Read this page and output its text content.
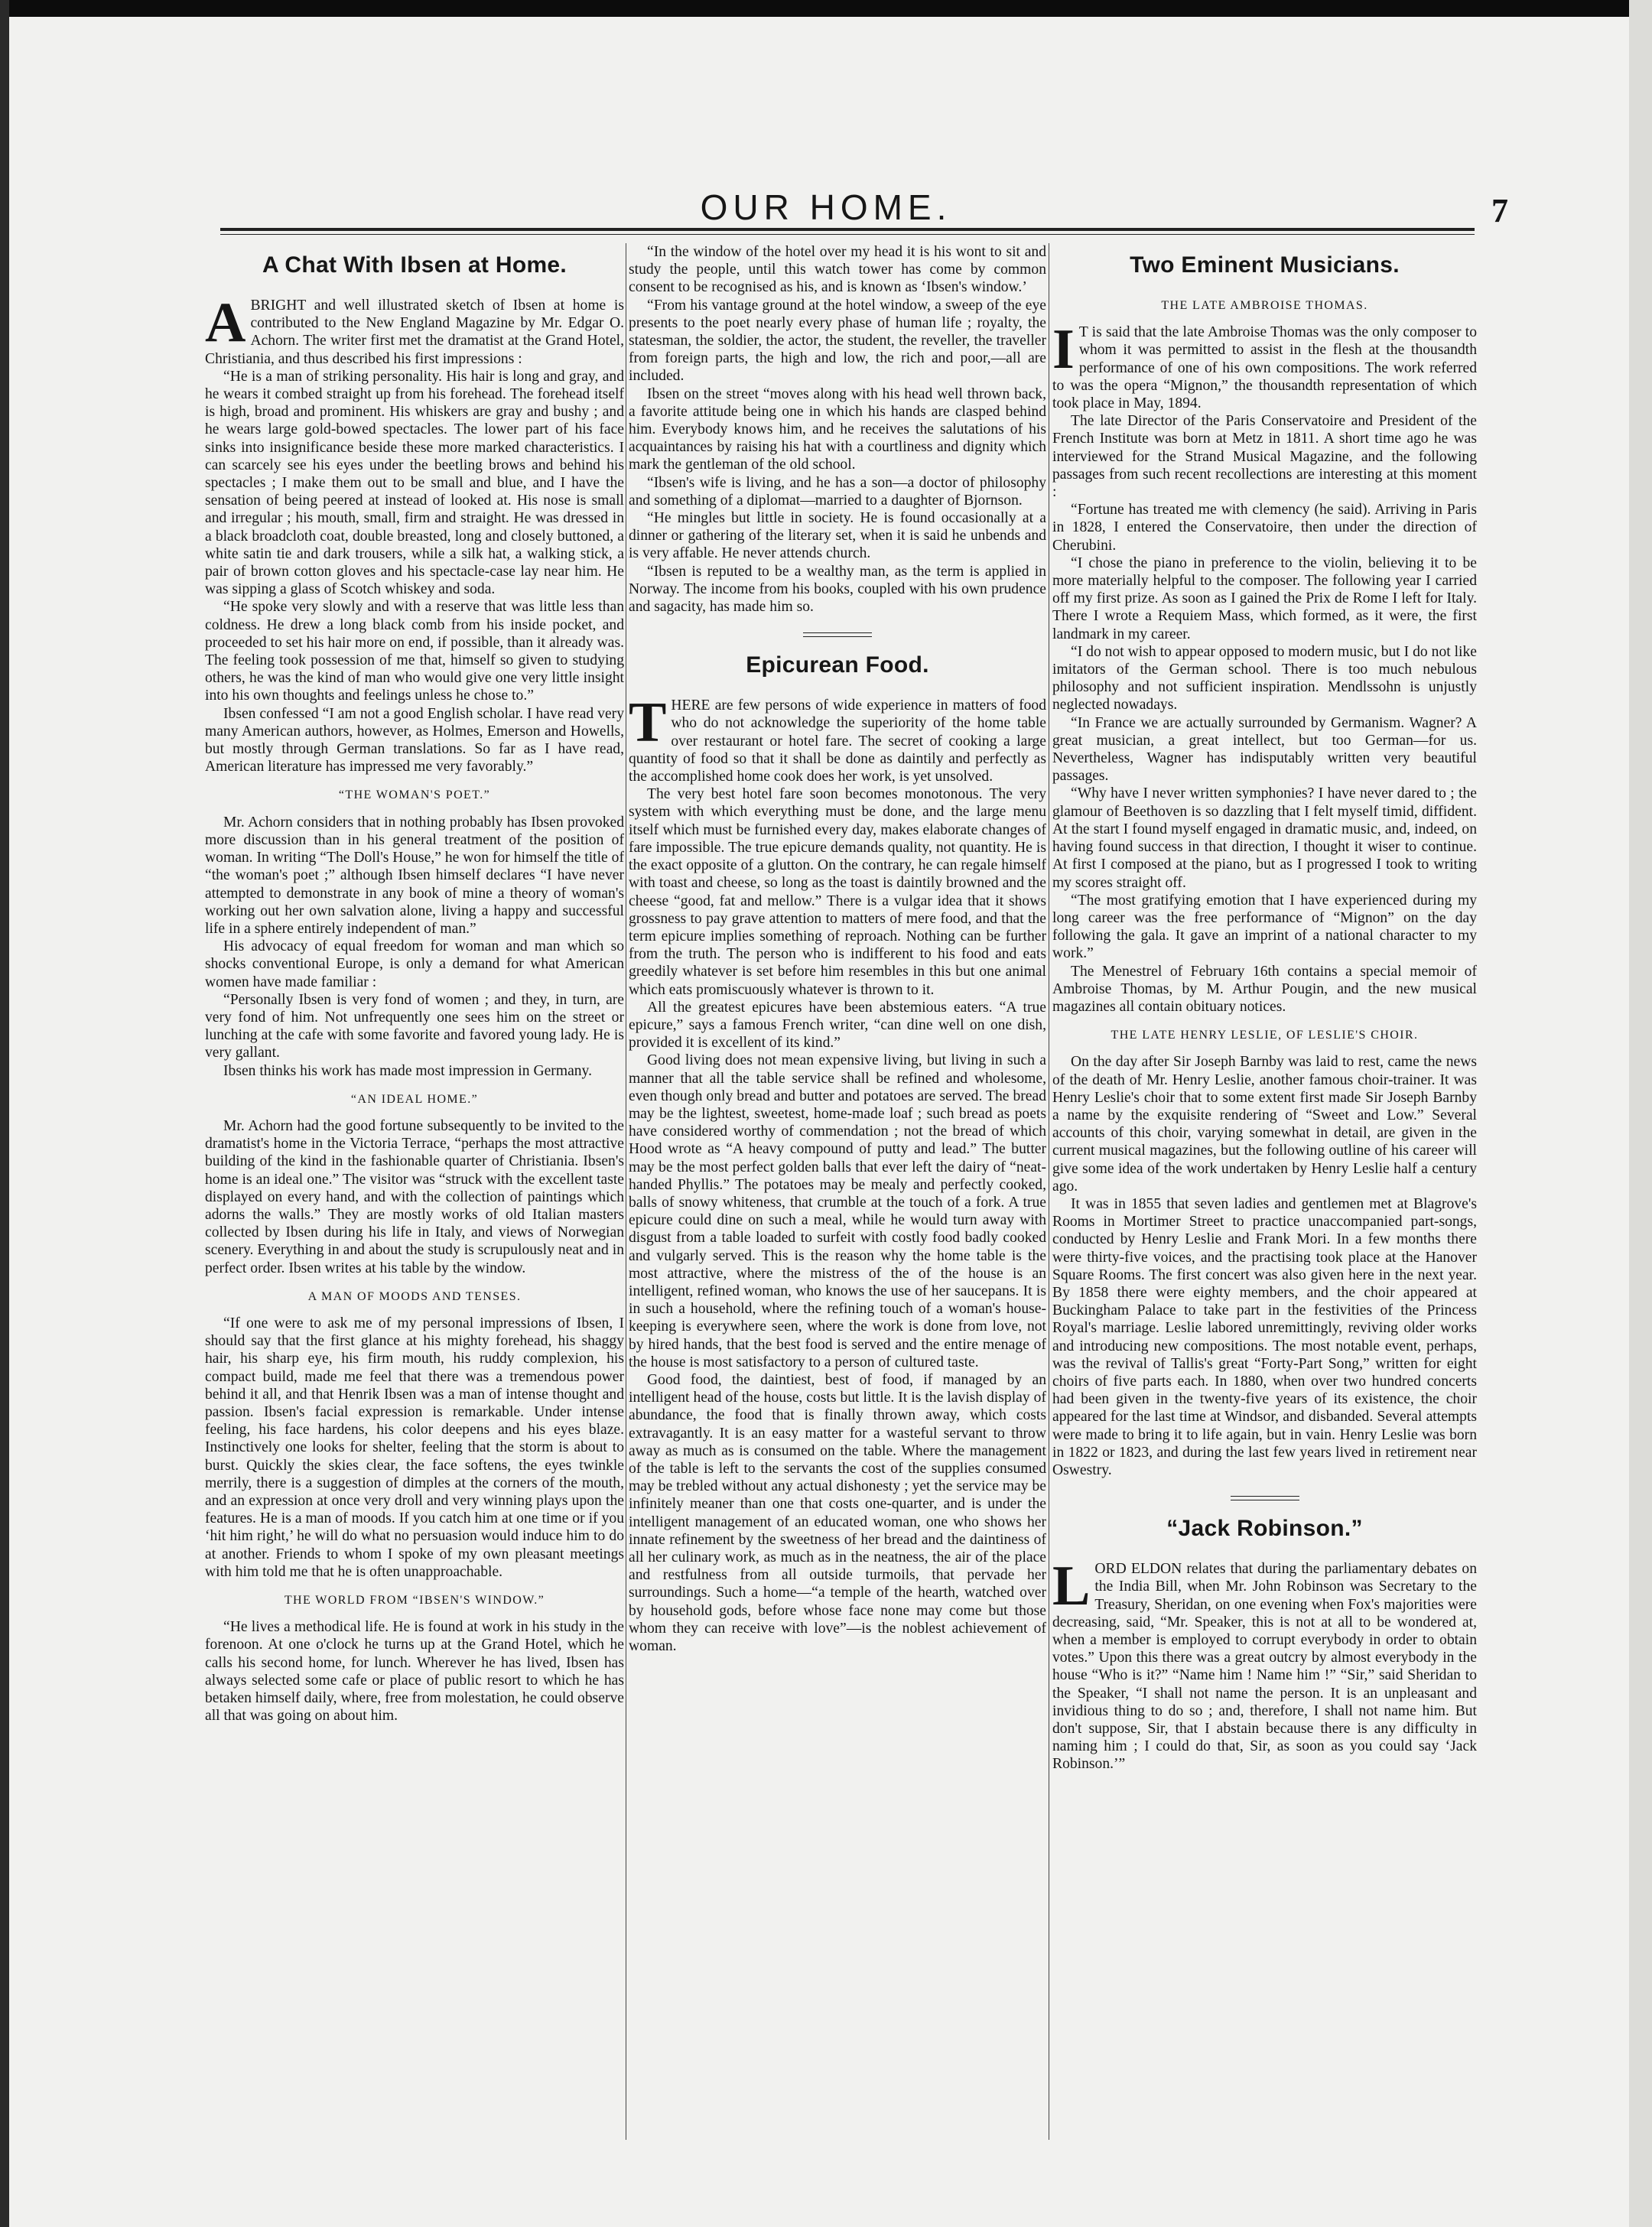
OUR HOME.	7
A Chat With Ibsen at Home.

ABRIGHT and well illustrated sketch of Ibsen at home is contributed to the New England Magazine by Mr. Edgar O. Achorn. The writer first met the dramatist at the Grand Hotel, Christiania, and thus described his first impressions :

“He is a man of striking personality. His hair is long and gray, and he wears it combed straight up from his forehead. The forehead itself is high, broad and prominent. His whiskers are gray and bushy ; and he wears large gold-bowed spectacles. The lower part of his face sinks into insignificance beside these more marked characteristics. I can scarcely see his eyes under the beetling brows and behind his spectacles ; I make them out to be small and blue, and I have the sensation of being peered at instead of looked at. His nose is small and irregular ; his mouth, small, firm and straight. He was dressed in a black broadcloth coat, double breasted, long and closely buttoned, a white satin tie and dark trousers, while a silk hat, a walking stick, a pair of brown cotton gloves and his spectacle-case lay near him. He was sipping a glass of Scotch whiskey and soda.

“He spoke very slowly and with a reserve that was little less than coldness. He drew a long black comb from his inside pocket, and proceeded to set his hair more on end, if possible, than it already was. The feeling took possession of me that, himself so given to studying others, he was the kind of man who would give one very little insight into his own thoughts and feelings unless he chose to.”

Ibsen confessed “I am not a good English scholar. I have read very many American authors, however, as Holmes, Emerson and Howells, but mostly through German translations. So far as I have read, American literature has impressed me very favorably.”

“THE WOMAN'S POET.”

Mr. Achorn considers that in nothing probably has Ibsen provoked more discussion than in his general treatment of the position of woman. In writing “The Doll's House,” he won for himself the title of “the woman's poet ;” although Ibsen himself declares “I have never attempted to demonstrate in any book of mine a theory of woman's working out her own salvation alone, living a happy and successful life in a sphere entirely independent of man.”

His advocacy of equal freedom for woman and man which so shocks conventional Europe, is only a demand for what American women have made familiar :

“Personally Ibsen is very fond of women ; and they, in turn, are very fond of him. Not unfrequently one sees him on the street or lunching at the cafe with some favorite and favored young lady. He is very gallant.

Ibsen thinks his work has made most impression in Germany.

“AN IDEAL HOME.”

Mr. Achorn had the good fortune subsequently to be invited to the dramatist's home in the Victoria Terrace, “perhaps the most attractive building of the kind in the fashionable quarter of Christiania. Ibsen's home is an ideal one.” The visitor was “struck with the excellent taste displayed on every hand, and with the collection of paintings which adorns the walls.” They are mostly works of old Italian masters collected by Ibsen during his life in Italy, and views of Norwegian scenery. Everything in and about the study is scrupulously neat and in perfect order. Ibsen writes at his table by the window.

A MAN OF MOODS AND TENSES.

“If one were to ask me of my personal impressions of Ibsen, I should say that the first glance at his mighty forehead, his shaggy hair, his sharp eye, his firm mouth, his ruddy complexion, his compact build, made me feel that there was a tremendous power behind it all, and that Henrik Ibsen was a man of intense thought and passion. Ibsen's facial expression is remarkable. Under intense feeling, his face hardens, his color deepens and his eyes blaze. Instinctively one looks for shelter, feeling that the storm is about to burst. Quickly the skies clear, the face softens, the eyes twinkle merrily, there is a suggestion of dimples at the corners of the mouth, and an expression at once very droll and very winning plays upon the features. He is a man of moods. If you catch him at one time or if you ‘hit him right,’ he will do what no persuasion would induce him to do at another. Friends to whom I spoke of my own pleasant meetings with him told me that he is often unapproachable.

THE WORLD FROM “IBSEN'S WINDOW.”

“He lives a methodical life. He is found at work in his study in the forenoon. At one o'clock he turns up at the Grand Hotel, which he calls his second home, for lunch. Wherever he has lived, Ibsen has always selected some cafe or place of public resort to which he has betaken himself daily, where, free from molestation, he could observe all that was going on about him.

“In the window of the hotel over my head it is his wont to sit and study the people, until this watch tower has come by common consent to be recognised as his, and is known as ‘Ibsen's window.’

“From his vantage ground at the hotel window, a sweep of the eye presents to the poet nearly every phase of human life ; royalty, the statesman, the soldier, the actor, the student, the reveller, the traveller from foreign parts, the high and low, the rich and poor,—all are included.

Ibsen on the street “moves along with his head well thrown back, a favorite attitude being one in which his hands are clasped behind him. Everybody knows him, and he receives the salutations of his acquaintances by raising his hat with a courtliness and dignity which mark the gentleman of the old school.

“Ibsen's wife is living, and he has a son—a doctor of philosophy and something of a diplomat—married to a daughter of Bjornson.

“He mingles but little in society. He is found occasionally at a dinner or gathering of the literary set, when it is said he unbends and is very affable. He never attends church.

“Ibsen is reputed to be a wealthy man, as the term is applied in Norway. The income from his books, coupled with his own prudence and sagacity, has made him so.

Epicurean Food.

THERE are few persons of wide experience in matters of food who do not acknowledge the superiority of the home table over restaurant or hotel fare. The secret of cooking a large quantity of food so that it shall be done as daintily and perfectly as the accomplished home cook does her work, is yet unsolved.

The very best hotel fare soon becomes monotonous. The very system with which everything must be done, and the large menu itself which must be furnished every day, makes elaborate changes of fare impossible. The true epicure demands quality, not quantity. He is the exact opposite of a glutton. On the contrary, he can regale himself with toast and cheese, so long as the toast is daintily browned and the cheese “good, fat and mellow.” There is a vulgar idea that it shows grossness to pay grave attention to matters of mere food, and that the term epicure implies something of reproach. Nothing can be further from the truth. The person who is indifferent to his food and eats greedily whatever is set before him resembles in this but one animal which eats promiscuously whatever is thrown to it.

All the greatest epicures have been abstemious eaters. “A true epicure,” says a famous French writer, “can dine well on one dish, provided it is excellent of its kind.”

Good living does not mean expensive living, but living in such a manner that all the table service shall be refined and wholesome, even though only bread and butter and potatoes are served. The bread may be the lightest, sweetest, home-made loaf ; such bread as poets have considered worthy of commendation ; not the bread of which Hood wrote as “A heavy compound of putty and lead.” The butter may be the most perfect golden balls that ever left the dairy of “neat-handed Phyllis.” The potatoes may be mealy and perfectly cooked, balls of snowy whiteness, that crumble at the touch of a fork. A true epicure could dine on such a meal, while he would turn away with disgust from a table loaded to surfeit with costly food badly cooked and vulgarly served. This is the reason why the home table is the most attractive, where the mistress of the of the house is an intelligent, refined woman, who knows the use of her saucepans. It is in such a household, where the refining touch of a woman's house-keeping is everywhere seen, where the work is done from love, not by hired hands, that the best food is served and the entire menage of the house is most satisfactory to a person of cultured taste.

Good food, the daintiest, best of food, if managed by an intelligent head of the house, costs but little. It is the lavish display of abundance, the food that is finally thrown away, which costs extravagantly. It is an easy matter for a wasteful servant to throw away as much as is consumed on the table. Where the management of the table is left to the servants the cost of the supplies consumed may be trebled without any actual dishonesty ; yet the service may be infinitely meaner than one that costs one-quarter, and is under the intelligent management of an educated woman, one who shows her innate refinement by the sweetness of her bread and the daintiness of all her culinary work, as much as in the neatness, the air of the place and restfulness from all outside turmoils, that pervade her surroundings. Such a home—“a temple of the hearth, watched over by household gods, before whose face none may come but those whom they can receive with love”—is the noblest achievement of woman.

Two Eminent Musicians.
THE LATE AMBROISE THOMAS.

I T is said that the late Ambroise Thomas was the only composer to whom it was permitted to assist in the flesh at the thousandth performance of one of his own compositions. The work referred to was the opera “Mignon,” the thousandth representation of which took place in May, 1894.

The late Director of the Paris Conservatoire and President of the French Institute was born at Metz in 1811. A short time ago he was interviewed for the Strand Musical Magazine, and the following passages from such recent recollections are interesting at this moment :

“Fortune has treated me with clemency (he said). Arriving in Paris in 1828, I entered the Conservatoire, then under the direction of Cherubini.

“I chose the piano in preference to the violin, believing it to be more materially helpful to the composer. The following year I carried off my first prize. As soon as I gained the Prix de Rome I left for Italy. There I wrote a Requiem Mass, which formed, as it were, the first landmark in my career.

“I do not wish to appear opposed to modern music, but I do not like imitators of the German school. There is too much nebulous philosophy and not sufficient inspiration. Mendlssohn is unjustly neglected nowadays.

“In France we are actually surrounded by Germanism. Wagner? A great musician, a great intellect, but too German—for us. Nevertheless, Wagner has indisputably written very beautiful passages.

“Why have I never written symphonies? I have never dared to ; the glamour of Beethoven is so dazzling that I felt myself timid, diffident. At the start I found myself engaged in dramatic music, and, indeed, on having found success in that direction, I thought it wiser to continue. At first I composed at the piano, but as I progressed I took to writing my scores straight off.

“The most gratifying emotion that I have experienced during my long career was the free performance of “Mignon” on the day following the gala. It gave an imprint of a national character to my work.”

The Menestrel of February 16th contains a special memoir of Ambroise Thomas, by M. Arthur Pougin, and the new musical magazines all contain obituary notices.

THE LATE HENRY LESLIE, OF LESLIE'S CHOIR.

On the day after Sir Joseph Barnby was laid to rest, came the news of the death of Mr. Henry Leslie, another famous choir-trainer. It was Henry Leslie's choir that to some extent first made Sir Joseph Barnby a name by the exquisite rendering of “Sweet and Low.” Several accounts of this choir, varying somewhat in detail, are given in the current musical magazines, but the following outline of his career will give some idea of the work undertaken by Henry Leslie half a century ago.

It was in 1855 that seven ladies and gentlemen met at Blagrove's Rooms in Mortimer Street to practice unaccompanied part-songs, conducted by Henry Leslie and Frank Mori. In a few months there were thirty-five voices, and the practising took place at the Hanover Square Rooms. The first concert was also given here in the next year. By 1858 there were eighty members, and the choir appeared at Buckingham Palace to take part in the festivities of the Princess Royal's marriage. Leslie labored unremittingly, reviving older works and introducing new compositions. The most notable event, perhaps, was the revival of Tallis's great “Forty-Part Song,” written for eight choirs of five parts each. In 1880, when over two hundred concerts had been given in the twenty-five years of its existence, the choir appeared for the last time at Windsor, and disbanded. Several attempts were made to bring it to life again, but in vain. Henry Leslie was born in 1822 or 1823, and during the last few years lived in retirement near Oswestry.

“Jack Robinson.”

LORD ELDON relates that during the parliamentary debates on the India Bill, when Mr. John Robinson was Secretary to the Treasury, Sheridan, on one evening when Fox's majorities were decreasing, said, “Mr. Speaker, this is not at all to be wondered at, when a member is employed to corrupt everybody in order to obtain votes.” Upon this there was a great outcry by almost everybody in the house “Who is it?” “Name him ! Name him !” “Sir,” said Sheridan to the Speaker, “I shall not name the person. It is an unpleasant and invidious thing to do so ; and, therefore, I shall not name him. But don't suppose, Sir, that I abstain because there is any difficulty in naming him ; I could do that, Sir, as soon as you could say ‘Jack Robinson.’”
